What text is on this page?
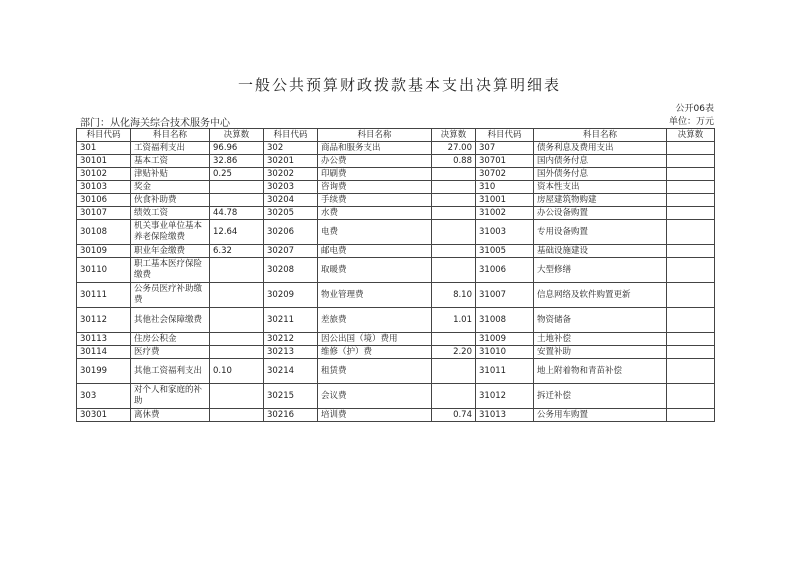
一般公共预算财政拨款基本支出决算明细表
公开06表
部门：从化海关综合技术服务中心	单位：万元
科目代码	科目名称	决算数	科目代码	科目名称	决算数	科目代码	科目名称	决算数
301	工资福利支出	96.96	302	商品和服务支出	27.00	307	债务利息及费用支出	
30101	基本工资	32.86	30201	办公费	0.88	30701	国内债务付息	
30102	津贴补贴	0.25	30202	印刷费		30702	国外债务付息	
30103	奖金		30203	咨询费		310	资本性支出	
30106	伙食补助费		30204	手续费		31001	房屋建筑物购建	
30107	绩效工资	44.78	30205	水费		31002	办公设备购置	
30108	机关事业单位基本养老保险缴费	12.64	30206	电费		31003	专用设备购置	
30109	职业年金缴费	6.32	30207	邮电费		31005	基础设施建设	
30110	职工基本医疗保险缴费		30208	取暖费		31006	大型修缮	
30111	公务员医疗补助缴费		30209	物业管理费	8.10	31007	信息网络及软件购置更新	
30112	其他社会保障缴费		30211	差旅费	1.01	31008	物资储备	
30113	住房公积金		30212	因公出国（境）费用		31009	土地补偿	
30114	医疗费		30213	维修（护）费	2.20	31010	安置补助	
30199	其他工资福利支出	0.10	30214	租赁费		31011	地上附着物和青苗补偿	
303	对个人和家庭的补助		30215	会议费		31012	拆迁补偿	
30301	离休费		30216	培训费	0.74	31013	公务用车购置	
